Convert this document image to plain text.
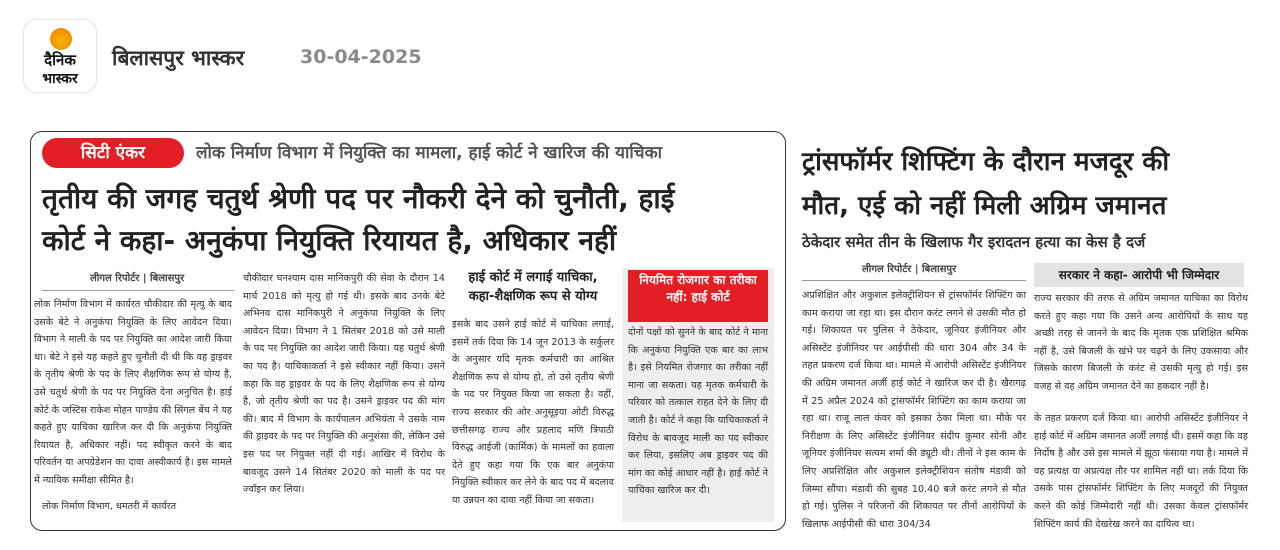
दैनिक
भास्कर
बिलासपुर भास्कर	30-04-2025
सिटी एंकर	लोक निर्माण विभाग में नियुक्ति का मामला, हाई कोर्ट ने खारिज की याचिका
तृतीय की जगह चतुर्थ श्रेणी पद पर नौकरी देने को चुनौती, हाई
कोर्ट ने कहा- अनुकंपा नियुक्ति रियायत है, अधिकार नहीं
लीगल रिपोर्टर | बिलासपुर
लोक निर्माण विभाग में कार्यरत चौकीदार की मृत्यु के बाद उसके बेटे ने अनुकंपा नियुक्ति के लिए आवेदन दिया। विभाग ने माली के पद पर नियुक्ति का आदेश जारी किया था। बेटे ने इसे यह कहते हुए चुनौती दी थी कि वह ड्राइवर के तृतीय श्रेणी के पद के लिए शैक्षणिक रूप से योग्य है, उसे चतुर्थ श्रेणी के पद पर नियुक्ति देना अनुचित है। हाई कोर्ट के जस्टिस राकेश मोहन पाण्डेय की सिंगल बेंच ने यह कहते हुए याचिका खारिज कर दी कि अनुकंपा नियुक्ति रियायत है, अधिकार नहीं। पद स्वीकृत करने के बाद परिवर्तन या अपग्रेडेशन का दावा अस्वीकार्य है। इस मामले में न्यायिक समीक्षा सीमित है।
लोक निर्माण विभाग, धमतरी में कार्यरत
चौकीदार घनश्याम दास मानिकपुरी की सेवा के दौरान 14 मार्च 2018 को मृत्यु हो गई थी। इसके बाद उनके बेटे अभिनव दास मानिकपुरी ने अनुकंपा नियुक्ति के लिए आवेदन दिया। विभाग ने 1 सितंबर 2018 को उसे माली के पद पर नियुक्ति का आदेश जारी किया। यह चतुर्थ श्रेणी का पद है। याचिकाकर्ता ने इसे स्वीकार नहीं किया। उसने कहा कि वह ड्राइवर के पद के लिए शैक्षणिक रूप से योग्य है, जो तृतीय श्रेणी का पद है। उसने ड्राइवर पद की मांग की। बाद में विभाग के कार्यपालन अभियंता ने उसके नाम की ड्राइवर के पद पर नियुक्ति की अनुशंसा की, लेकिन उसे इस पद पर नियुक्त नहीं दी गई। आखिर में विरोध के बावजूद उसने 14 सितंबर 2020 को माली के पद पर ज्वॉइन कर लिया।
हाई कोर्ट में लगाई याचिका, कहा-शैक्षणिक रूप से योग्य
इसके बाद उसने हाई कोर्ट में याचिका लगाई, इसमें तर्क दिया कि 14 जून 2013 के सर्कुलर के अनुसार यदि मृतक कर्मचारी का आश्रित शैक्षणिक रूप से योग्य हो, तो उसे तृतीय श्रेणी के पद पर नियुक्त किया जा सकता है। वहीं, राज्य सरकार की ओर अनुसूइया ओटी विरुद्ध छत्तीसगढ़ राज्य और प्रहलाद मणि त्रिपाठी विरुद्ध आईजी (कार्मिक) के मामलों का हवाला देते हुए कहा गया कि एक बार अनुकंपा नियुक्ति स्वीकार कर लेने के बाद पद में बदलाव या उन्नयन का दावा नहीं किया जा सकता।
नियमित रोजगार का तरीका नहीं: हाई कोर्ट
दोनों पक्षों को सुनने के बाद कोर्ट ने माना कि अनुकंपा नियुक्ति एक बार का लाभ है। इसे नियमित रोजगार का तरीका नहीं माना जा सकता। यह मृतक कर्मचारी के परिवार को तत्काल राहत देने के लिए दी जाती है। कोर्ट ने कहा कि याचिकाकर्ता ने विरोध के बावजूद माली का पद स्वीकार कर लिया, इसलिए अब ड्राइवर पद की मांग का कोई आधार नहीं है। हाई कोर्ट ने याचिका खारिज कर दी।
ट्रांसफॉर्मर शिफ्टिंग के दौरान मजदूर की
मौत, एई को नहीं मिली अग्रिम जमानत
ठेकेदार समेत तीन के खिलाफ गैर इरादतन हत्या का केस है दर्ज
लीगल रिपोर्टर | बिलासपुर
अप्रशिक्षित और अकुशल इलेक्ट्रीशियन से ट्रांसफॉर्मर शिफ्टिंग का काम कराया जा रहा था। इस दौरान करंट लगने से उसकी मौत हो गई। शिकायत पर पुलिस ने ठेकेदार, जूनियर इंजीनियर और असिस्टेंट इंजीनियर पर आईपीसी की धारा 304 और 34 के तहत प्रकरण दर्ज किया था। मामले में आरोपी असिस्टेंट इंजीनियर की अग्रिम जमानत अर्जी हाई कोर्ट ने खारिज कर दी है। खैरागढ़ में 25 अप्रैल 2024 को ट्रांसफॉर्मर शिफ्टिंग का काम कराया जा रहा था। राजू लाल कंवर को इसका ठेका मिला था। मौके पर निरीक्षण के लिए असिस्टेंट इंजीनियर संदीप कुमार सोनी और जूनियर इंजीनियर सत्यम शर्मा की ड्यूटी थी। तीनों ने इस काम के लिए अप्रशिक्षित और अकुशल इलेक्ट्रीशियन संतोष मंडावी को जिम्मा सौंपा। मंडावी की सुबह 10.40 बजे करंट लगने से मौत हो गई। पुलिस ने परिजनों की शिकायत पर तीनों आरोपियों के खिलाफ आईपीसी की धारा 304/34
सरकार ने कहा- आरोपी भी जिम्मेदार
राज्य सरकार की तरफ से अग्रिम जमानत याचिका का विरोध करते हुए कहा गया कि उसने अन्य आरोपियों के साथ यह अच्छी तरह से जानने के बाद कि मृतक एक प्रशिक्षित श्रमिक नहीं है, उसे बिजली के खंभे पर चढ़ने के लिए उकसाया और जिसके कारण बिजली के करंट से उसकी मृत्यु हो गई। इस वजह से वह अग्रिम जमानत देने का हकदार नहीं है।
के तहत प्रकरण दर्ज किया था। आरोपी असिस्टेंट इंजीनियर ने हाई कोर्ट में अग्रिम जमानत अर्जी लगाई थी। इसमें कहा कि वह निर्दोष है और उसे इस मामले में झूठा फंसाया गया है। मामले में वह प्रत्यक्ष या अप्रत्यक्ष तौर पर शामिल नहीं था। तर्क दिया कि उसके पास ट्रांसफॉर्मर शिफ्टिंग के लिए मजदूरों की नियुक्त करने की कोई जिम्मेदारी नहीं थी। उसका केवल ट्रांसफॉर्मर शिफ्टिंग कार्य की देखरेख करने का दायित्व था।
